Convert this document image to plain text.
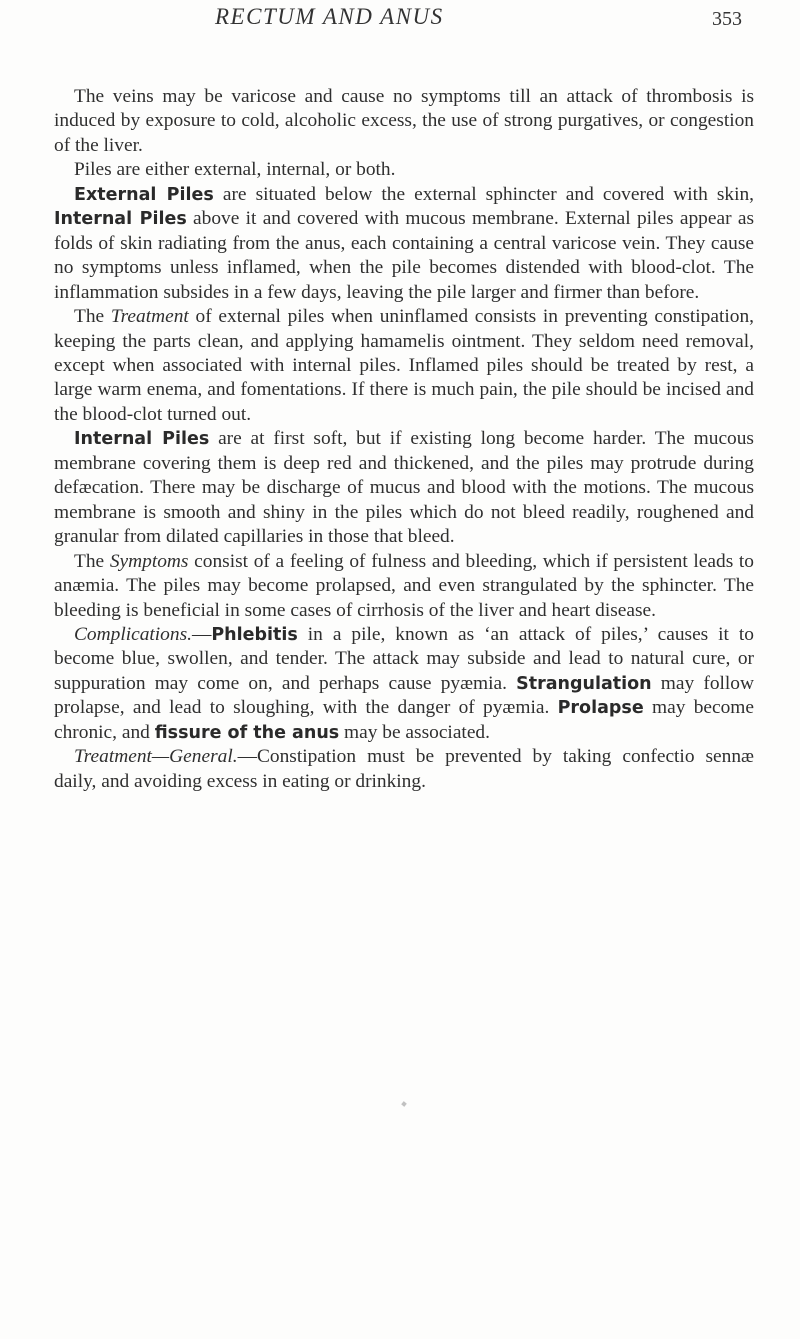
RECTUM AND ANUS	353

The veins may be varicose and cause no symptoms till an attack of thrombosis is induced by exposure to cold, alcoholic excess, the use of strong purgatives, or congestion of the liver.

Piles are either external, internal, or both.

External Piles are situated below the external sphincter and covered with skin, Internal Piles above it and covered with mucous membrane. External piles appear as folds of skin radiating from the anus, each containing a central varicose vein. They cause no symptoms unless inflamed, when the pile becomes distended with blood-clot. The inflammation subsides in a few days, leaving the pile larger and firmer than before.

The Treatment of external piles when uninflamed consists in preventing constipation, keeping the parts clean, and applying hamamelis ointment. They seldom need removal, except when associated with internal piles. Inflamed piles should be treated by rest, a large warm enema, and fomentations. If there is much pain, the pile should be incised and the blood-clot turned out.

Internal Piles are at first soft, but if existing long become harder. The mucous membrane covering them is deep red and thickened, and the piles may protrude during defæcation. There may be discharge of mucus and blood with the motions. The mucous membrane is smooth and shiny in the piles which do not bleed readily, roughened and granular from dilated capillaries in those that bleed.

The Symptoms consist of a feeling of fulness and bleeding, which if persistent leads to anæmia. The piles may become prolapsed, and even strangulated by the sphincter. The bleeding is beneficial in some cases of cirrhosis of the liver and heart disease.

Complications.—Phlebitis in a pile, known as ‘an attack of piles,’ causes it to become blue, swollen, and tender. The attack may subside and lead to natural cure, or suppuration may come on, and perhaps cause pyæmia. Strangulation may follow prolapse, and lead to sloughing, with the danger of pyæmia. Prolapse may become chronic, and fissure of the anus may be associated.

Treatment—General.—Constipation must be prevented by taking confectio sennæ daily, and avoiding excess in eating or drinking.
